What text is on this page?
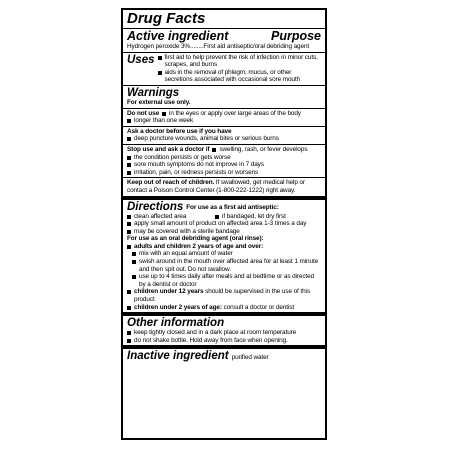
Drug Facts
Active ingredient	Purpose
Hydrogen peroxide 3%........First aid antiseptic/oral debriding agent
Uses	first aid to help prevent the risk of infection in minor cuts, scrapes, and burns
aids in the removal of phlegm, mucus, or other secretions associated with occasional sore mouth
Warnings
For external use only.
Do not use	in the eyes or apply over large areas of the body
longer than one week
Ask a doctor before use if you have
deep puncture wounds, animal bites or serious burns
Stop use and ask a doctor if	swelling, rash, or fever develops
the condition persists or gets worse
sore mouth symptoms do not improve in 7 days
irritation, pain, or redness persists or worsens
Keep out of reach of children. If swallowed, get medical help or contact a Poison Control Center (1-800-222-1222) right away.
Directions For use as a first aid antiseptic:
clean affected area	if bandaged, let dry first
apply small amount of product on affected area 1-3 times a day
may be covered with a sterile bandage
For use as an oral debriding agent (oral rinse):
adults and children 2 years of age and over:
mix with an equal amount of water
swish around in the mouth over affected area for at least 1 minute and then spit out. Do not swallow.
use up to 4 times daily after meals and at bedtime or as directed by a dentist or doctor
children under 12 years should be supervised in the use of this product
children under 2 years of age: consult a doctor or dentist
Other information
keep tightly closed and in a dark place at room temperature
do not shake bottle. Hold away from face when opening.
Inactive ingredient purified water
